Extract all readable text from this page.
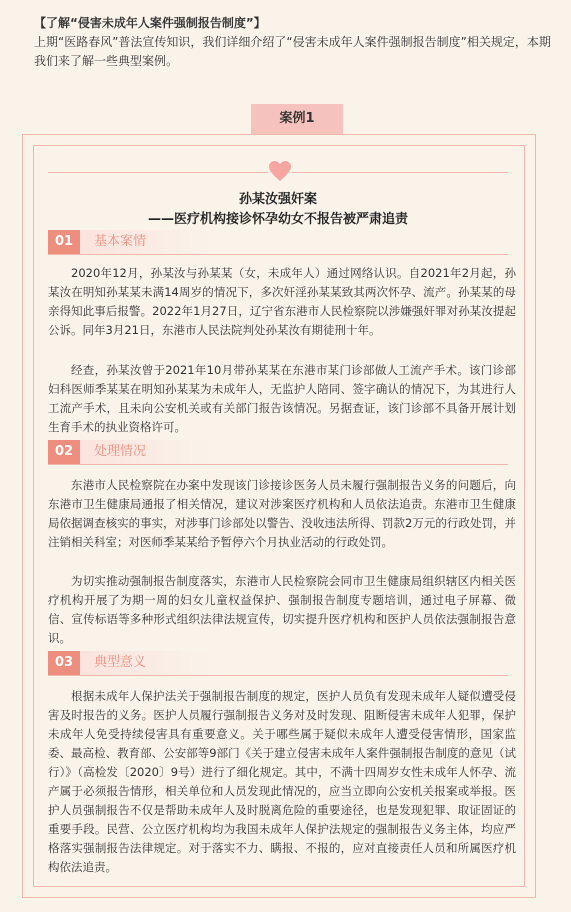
【了解“侵害未成年人案件强制报告制度”】
上期“医路春风”普法宣传知识，我们详细介绍了“侵害未成年人案件强制报告制度”相关规定，本期我们来了解一些典型案例。
案例1
孙某汝强奸案
——医疗机构接诊怀孕幼女不报告被严肃追责
01	基本案情
2020年12月，孙某汝与孙某某（女，未成年人）通过网络认识。自2021年2月起，孙某汝在明知孙某某未满14周岁的情况下，多次奸淫孙某某致其两次怀孕、流产。孙某某的母亲得知此事后报警。2022年1月27日，辽宁省东港市人民检察院以涉嫌强奸罪对孙某汝提起公诉。同年3月21日，东港市人民法院判处孙某汝有期徒刑十年。
经查，孙某汝曾于2021年10月带孙某某在东港市某门诊部做人工流产手术。该门诊部妇科医师季某某在明知孙某某为未成年人，无监护人陪同、签字确认的情况下，为其进行人工流产手术，且未向公安机关或有关部门报告该情况。另据查证，该门诊部不具备开展计划生育手术的执业资格许可。
02	处理情况
东港市人民检察院在办案中发现该门诊接诊医务人员未履行强制报告义务的问题后，向东港市卫生健康局通报了相关情况，建议对涉案医疗机构和人员依法追责。东港市卫生健康局依据调查核实的事实，对涉事门诊部处以警告、没收违法所得、罚款2万元的行政处罚，并注销相关科室；对医师季某某给予暂停六个月执业活动的行政处罚。
为切实推动强制报告制度落实，东港市人民检察院会同市卫生健康局组织辖区内相关医疗机构开展了为期一周的妇女儿童权益保护、强制报告制度专题培训，通过电子屏幕、微信、宣传标语等多种形式组织法律法规宣传，切实提升医疗机构和医护人员依法强制报告意识。
03	典型意义
根据未成年人保护法关于强制报告制度的规定，医护人员负有发现未成年人疑似遭受侵害及时报告的义务。医护人员履行强制报告义务对及时发现、阻断侵害未成年人犯罪，保护未成年人免受持续侵害具有重要意义。关于哪些属于疑似未成年人遭受侵害情形，国家监委、最高检、教育部、公安部等9部门《关于建立侵害未成年人案件强制报告制度的意见（试行）》（高检发〔2020〕9号）进行了细化规定。其中，不满十四周岁女性未成年人怀孕、流产属于必须报告情形，相关单位和人员发现此情况的，应当立即向公安机关报案或举报。医护人员强制报告不仅是帮助未成年人及时脱离危险的重要途径，也是发现犯罪、取证固证的重要手段。民营、公立医疗机构均为我国未成年人保护法规定的强制报告义务主体，均应严格落实强制报告法律规定。对于落实不力、瞒报、不报的，应对直接责任人员和所属医疗机构依法追责。
